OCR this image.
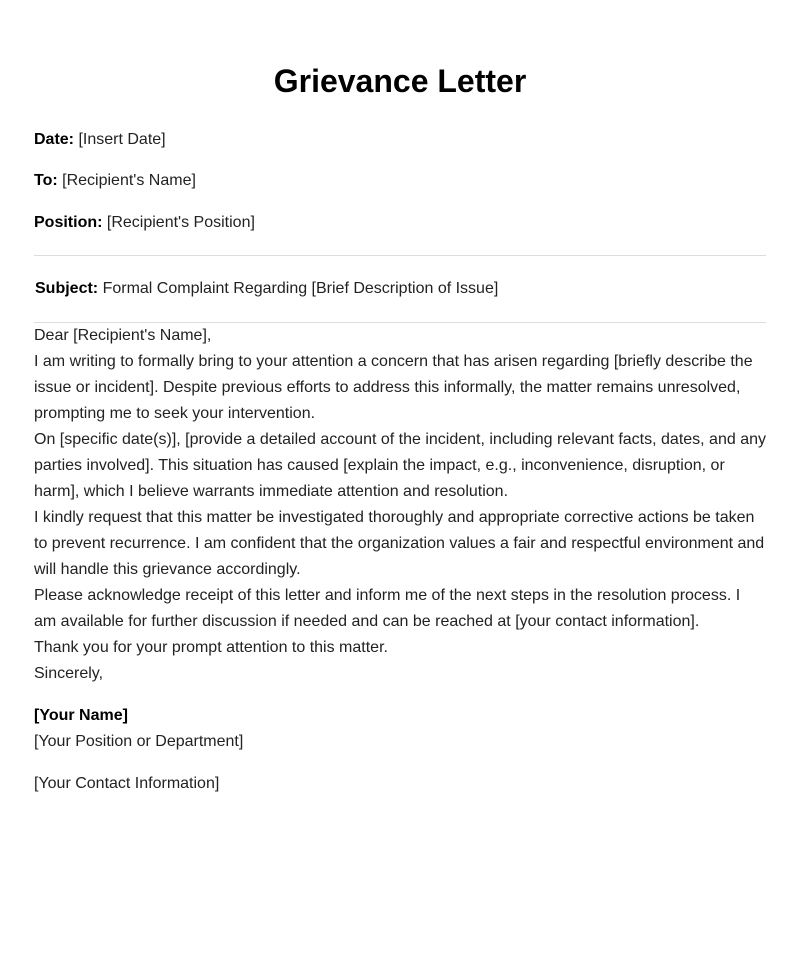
Grievance Letter

Date: [Insert Date]

To: [Recipient's Name]

Position: [Recipient's Position]

Subject: Formal Complaint Regarding [Brief Description of Issue]

Dear [Recipient's Name],

I am writing to formally bring to your attention a concern that has arisen regarding [briefly describe the issue or incident]. Despite previous efforts to address this informally, the matter remains unresolved, prompting me to seek your intervention.

On [specific date(s)], [provide a detailed account of the incident, including relevant facts, dates, and any parties involved]. This situation has caused [explain the impact, e.g., inconvenience, disruption, or harm], which I believe warrants immediate attention and resolution.

I kindly request that this matter be investigated thoroughly and appropriate corrective actions be taken to prevent recurrence. I am confident that the organization values a fair and respectful environment and will handle this grievance accordingly.

Please acknowledge receipt of this letter and inform me of the next steps in the resolution process. I am available for further discussion if needed and can be reached at [your contact information].

Thank you for your prompt attention to this matter.

Sincerely,

[Your Name]

[Your Position or Department]

[Your Contact Information]
